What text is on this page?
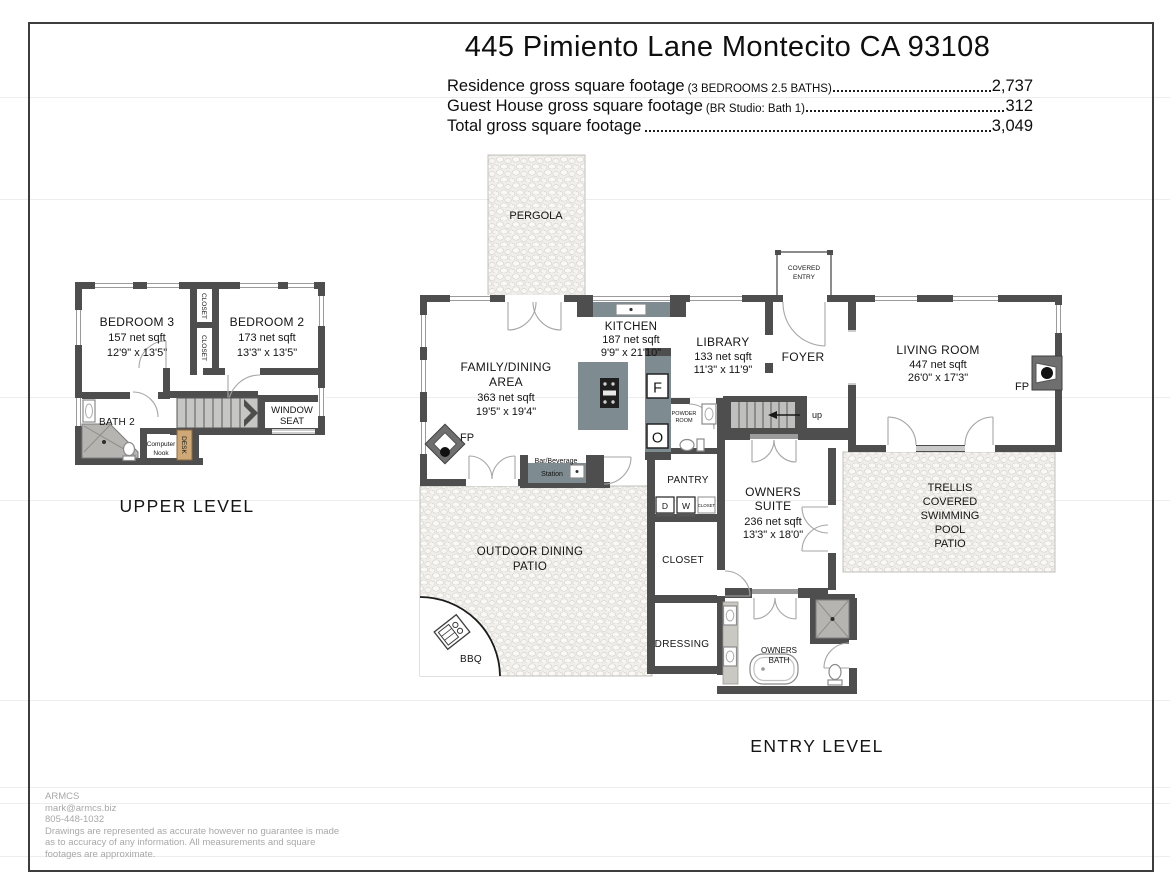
445 Pimiento Lane Montecito CA 93108
Residence gross square footage (3 BEDROOMS 2.5 BATHS)	2,737
Guest House gross square footage (BR Studio: Bath 1)	312
Total gross square footage	3,049
DESK
BEDROOM 3
157 net sqft
12'9" x 13'5"
BEDROOM 2
173 net sqft
13'3" x 13'5"
CLOSET
CLOSET
BATH 2
Computer
Nook
WINDOW
SEAT
UPPER LEVEL
PERGOLA
COVERED
ENTRY
OUTDOOR DINING
PATIO
BBQ
TRELLIS
COVERED
SWIMMING
POOL
PATIO
F
O
Bar/Beverage
Station
up
D W CLOSET
FP
FP
FAMILY/DINING
AREA
363 net sqft
19'5" x 19'4"
KITCHEN
187 net sqft
9'9" x 21'10"
LIBRARY
133 net sqft
11'3" x 11'9"
FOYER	LIVING ROOM
447 net sqft
26'0" x 17'3"
OWNERS
SUITE
236 net sqft
13'3" x 18'0"
POWDER
ROOM
PANTRY
CLOSET
DRESSING
OWNERS
BATH
ENTRY LEVEL
ARMCS
mark@armcs.biz
805-448-1032
Drawings are represented as accurate however no guarantee is made
as to accuracy of any information. All measurements and square
footages are approximate.
